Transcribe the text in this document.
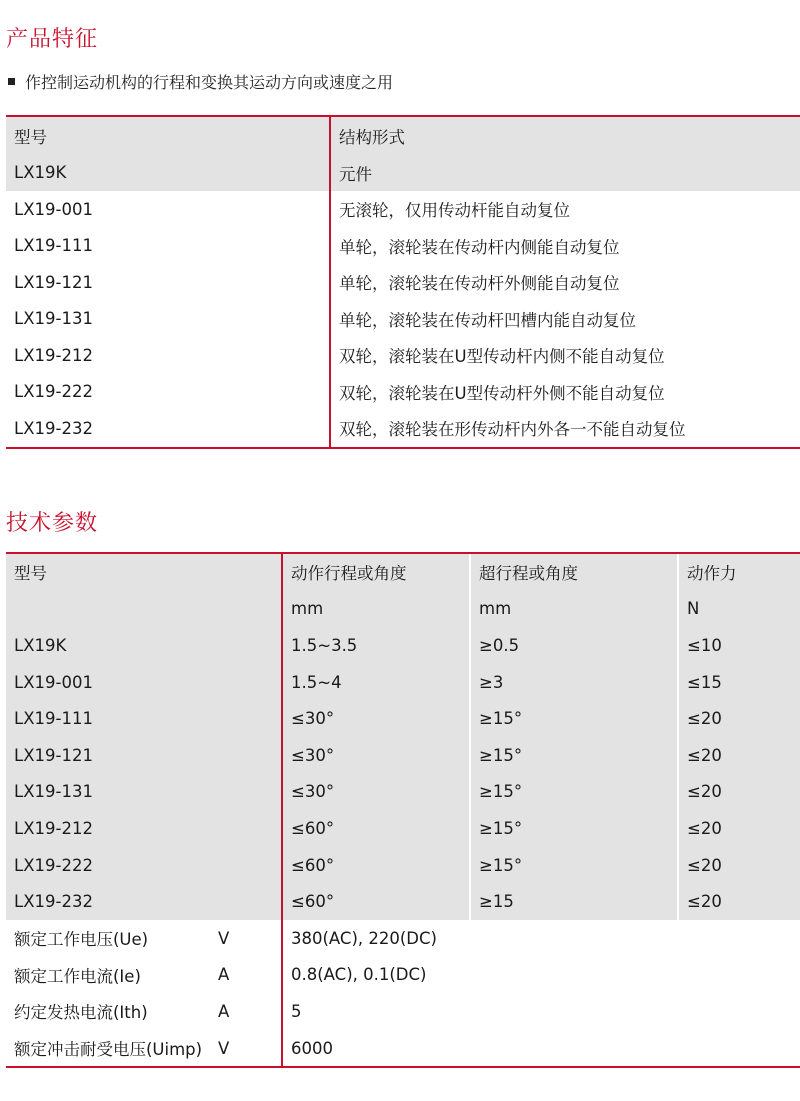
产品特征
作控制运动机构的行程和变换其运动方向或速度之用
型号	结构形式
LX19K	元件
LX19-001	无滚轮，仅用传动杆能自动复位
LX19-111	单轮，滚轮装在传动杆内侧能自动复位
LX19-121	单轮，滚轮装在传动杆外侧能自动复位
LX19-131	单轮，滚轮装在传动杆凹槽内能自动复位
LX19-212	双轮，滚轮装在U型传动杆内侧不能自动复位
LX19-222	双轮，滚轮装在U型传动杆外侧不能自动复位
LX19-232	双轮，滚轮装在形传动杆内外各一不能自动复位
技术参数
型号		动作行程或角度	超行程或角度	动作力
		mm	mm	N
LX19K		1.5~3.5	≥0.5	≤10
LX19-001		1.5~4	≥3	≤15
LX19-111		≤30°	≥15°	≤20
LX19-121		≤30°	≥15°	≤20
LX19-131		≤30°	≥15°	≤20
LX19-212		≤60°	≥15°	≤20
LX19-222		≤60°	≥15°	≤20
LX19-232		≤60°	≥15	≤20
额定工作电压(Ue)	V	380(AC), 220(DC)		
额定工作电流(Ie)	A	0.8(AC), 0.1(DC)		
约定发热电流(Ith)	A	5		
额定冲击耐受电压(Uimp)	V	6000		
